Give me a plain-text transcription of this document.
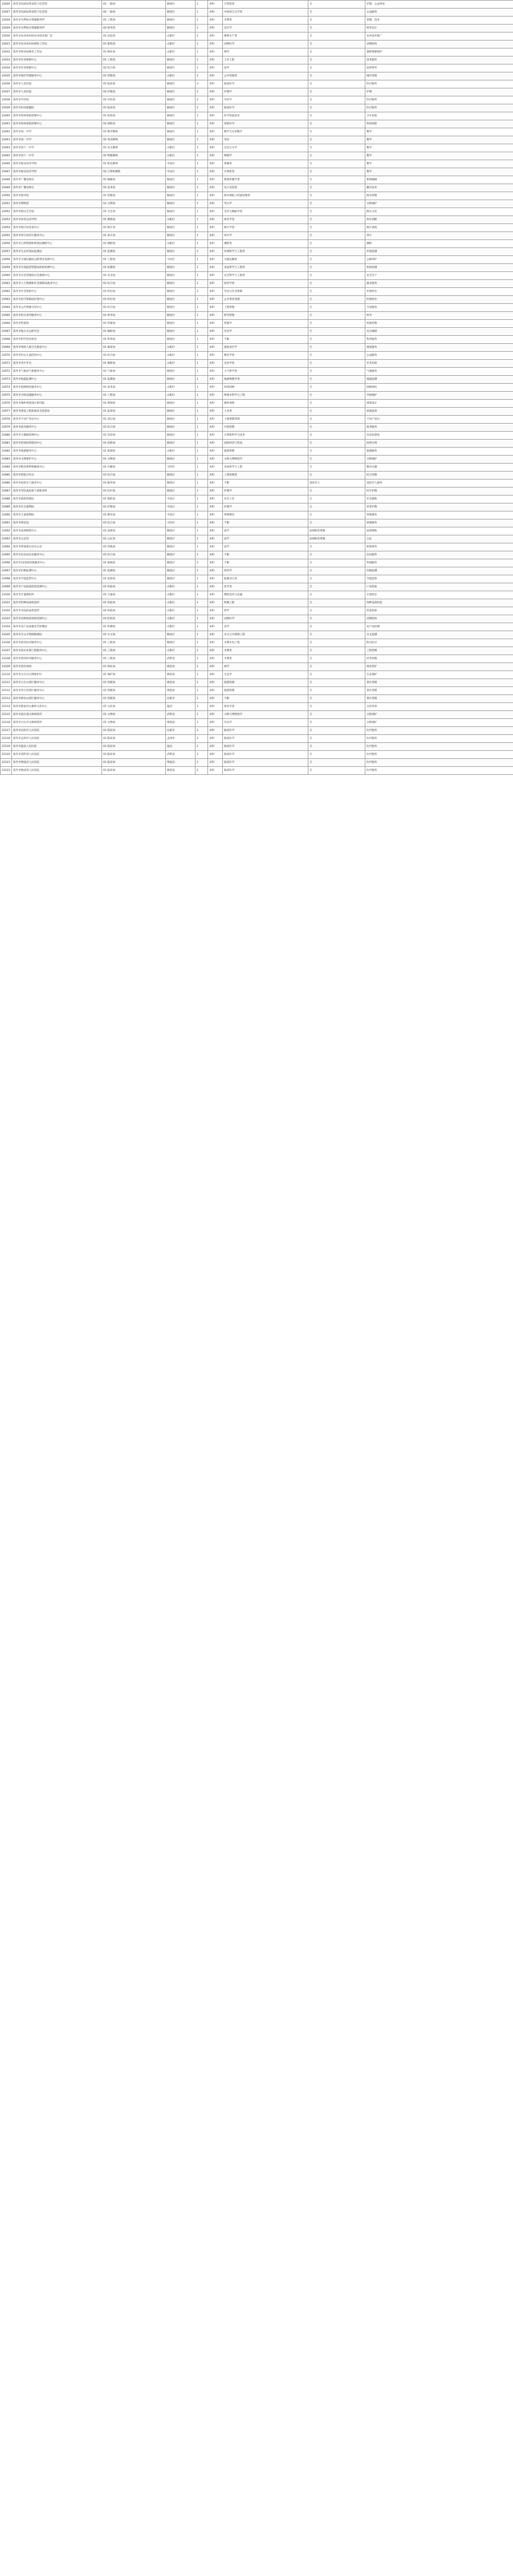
23026	焦作市民政局革命烈士纪念馆	01 一般岗	解放区	1	本科	计算机类	无	护理、公益事业
23027	焦作市民政局革命烈士纪念馆	02 一般岗	解放区	1	本科	中国语言文学类	无	公益服务
23028	焦作市水利局水资源服务所	01 工程岗	解放区	1	本科	水利类	无	管理、技术
23029	焦作市水利局水资源服务所	02 财务岗	解放区	1	本科	会计学	无	财务会计
23030	焦作市农业农村局农业技术推广站	01 农技岗	山阳区	2	本科	植物生产类	无	农业技术推广
23031	焦作市农业农村局畜牧工作站	01 畜牧岗	山阳区	1	本科	动物医学	无	动物防疫
23032	焦作市林业局林业工作站	01 林业岗	山阳区	1	本科	林学	无	森林资源保护
23033	焦作市住房保障中心	01 工程岗	解放区	1	本科	土木工程	无	技术服务
23034	焦作市住房保障中心	02 综合岗	解放区	1	本科	法学	无	法律事务
23035	焦作市城市管理服务中心	01 管理岗	山阳区	2	本科	公共管理类	无	城市管理
23036	焦作市人民医院	01 临床岗	解放区	3	本科	临床医学	无	医疗服务
23037	焦作市人民医院	02 护理岗	解放区	2	本科	护理学	无	护理
23038	焦作市中医院	01 中医岗	解放区	2	本科	中医学	无	医疗服务
23039	焦作市妇幼保健院	01 临床岗	解放区	2	本科	临床医学	无	医疗服务
23040	焦作市疾病预防控制中心	01 检验岗	解放区	1	本科	医学检验技术	无	卫生检验
23041	焦作市疾病预防控制中心	02 预防岗	解放区	1	本科	预防医学	无	疾病预防
23042	焦作市第一中学	01 数学教师	解放区	1	本科	数学与应用数学	无	教学
23043	焦作市第一中学	02 英语教师	解放区	1	本科	英语	无	教学
23044	焦作市第十一中学	01 语文教师	山阳区	1	本科	汉语言文学	无	教学
23045	焦作市第十一中学	02 物理教师	山阳区	1	本科	物理学	无	教学
23046	焦作市职业技术学校	01 机电教师	中站区	1	本科	机械类	无	教学
23047	焦作市职业技术学校	02 计算机教师	中站区	1	本科	计算机类	无	教学
23048	焦作市广播电视台	01 编辑岗	解放区	1	本科	新闻传播学类	无	新闻编辑
23049	焦作市广播电视台	02 技术岗	解放区	1	本科	电子信息类	无	播出技术
23050	焦作市图书馆	01 管理岗	解放区	1	本科	图书情报与档案管理类	无	图书管理
23051	焦作市博物馆	01 文博岗	解放区	1	本科	考古学	无	文物保护
23052	焦作市群众艺术馆	01 文艺岗	解放区	1	本科	音乐与舞蹈学类	无	群众文化
23053	焦作市体育运动学校	01 教练岗	山阳区	1	本科	体育学类	无	体育训练
23054	焦作市统计局普查中心	01 统计岗	解放区	1	本科	统计学类	无	统计调查
23055	焦作市审计局审计服务中心	01 审计岗	解放区	1	本科	审计学	无	审计
23056	焦作市自然资源和规划局测绘中心	01 测绘岗	山阳区	1	本科	测绘类	无	测绘
23057	焦作市生态环境局监测站	01 监测岗	解放区	2	本科	环境科学与工程类	无	环境监测
23058	焦作市交通运输局公路事业发展中心	01 工程岗	马村区	1	本科	交通运输类	无	公路养护
23059	焦作市市场监督管理局检验检测中心	01 检测岗	解放区	1	本科	食品科学与工程类	无	检验检测
23060	焦作市应急管理局应急救援中心	01 安全岗	解放区	1	本科	安全科学与工程类	无	安全生产
23061	焦作市人力资源和社会保障局就业中心	01 综合岗	解放区	1	本科	经济学类	无	就业服务
23062	焦作市社会保险中心	01 经办岗	解放区	2	本科	劳动与社会保障	无	社保经办
23063	焦作市医疗保障局医保中心	01 经办岗	解放区	1	本科	公共事业管理	无	医保经办
23064	焦作市公共资源交易中心	01 综合岗	解放区	1	本科	工程管理	无	交易服务
23065	焦作市机关事务服务中心	01 财务岗	解放区	1	本科	财务管理	无	财务
23066	焦作市档案馆	01 档案岗	解放区	1	本科	档案学	无	档案管理
23067	焦作市地方史志研究室	01 编研岗	解放区	1	本科	历史学	无	史志编研
23068	焦作市科学技术协会	01 科普岗	解放区	1	本科	不限	无	科普服务
23069	焦作市残疾人联合会康复中心	01 康复岗	山阳区	1	本科	康复治疗学	无	康复服务
23070	焦作市妇女儿童活动中心	01 综合岗	山阳区	1	本科	教育学类	无	公益服务
23071	焦作市青少年宫	01 教师岗	山阳区	1	本科	美术学类	无	艺术培训
23072	焦作市气象局气象服务中心	01 气象岗	解放区	1	本科	大气科学类	无	气象服务
23073	焦作市地震监测中心	01 监测岗	解放区	1	本科	地球物理学类	无	地震监测
23074	焦作市园林绿化服务中心	01 技术岗	山阳区	1	本科	风景园林	无	园林绿化
23075	焦作市市政设施服务中心	01 工程岗	山阳区	1	本科	给排水科学与工程	无	市政维护
23076	焦作市城乡规划设计研究院	01 规划岗	解放区	1	本科	城乡规划	无	规划设计
23077	焦作市建设工程质量安全监督站	01 监督岗	解放区	1	本科	土木类	无	质量监督
23078	焦作市不动产登记中心	01 登记岗	解放区	1	本科	土地资源管理	无	不动产登记
23079	焦作市政务服务中心	01 综合岗	解放区	1	本科	行政管理	无	政务服务
23080	焦作市大数据管理中心	01 信息岗	解放区	1	本科	计算机科学与技术	无	信息化建设
23081	焦作市招商投资促进中心	01 招商岗	解放区	1	本科	国际经济与贸易	无	招商引资
23082	焦作市旅游服务中心	01 旅游岗	山阳区	1	本科	旅游管理	无	旅游服务
23083	焦作市文物保护中心	01 文物岗	解放区	1	本科	文物与博物馆学	无	文物保护
23084	焦作市粮食和物资储备中心	01 仓储岗	马村区	1	本科	食品科学与工程	无	粮食仓储
23085	焦作市供销合作社	01 综合岗	解放区	1	本科	工商管理类	无	综合管理
23086	焦作市退役军人服务中心	01 服务岗	解放区	1	本科	不限	退役军人	退役军人服务
23087	焦作市军队离退休干部休养所	01 医护岗	解放区	1	本科	护理学	无	医疗护理
23088	焦作市救助管理站	01 救助岗	中站区	1	本科	社会工作	无	社会救助
23089	焦作市社会福利院	01 护理岗	中站区	1	本科	护理学	无	养老护理
23090	焦作市儿童福利院	01 教育岗	中站区	1	本科	特殊教育	无	特殊教育
23091	焦作市殡仪馆	01 综合岗	马村区	1	本科	不限	无	殡葬服务
23092	焦作市法律援助中心	01 法律岗	解放区	1	本科	法学	法律职业资格	法律援助
23093	焦作市公证处	01 公证岗	解放区	1	本科	法学	法律职业资格	公证
23094	焦作市仲裁委员会办公室	01 仲裁岗	解放区	1	本科	法学	无	仲裁事务
23095	焦作市信访局信访服务中心	01 综合岗	解放区	1	本科	不限	无	信访服务
23096	焦作市12345热线服务中心	01 接线岗	解放区	2	本科	不限	无	热线服务
23097	焦作市价格监测中心	01 监测岗	解放区	1	本科	经济学	无	价格监测
23098	焦作市节能监察中心	01 监察岗	解放区	1	本科	能源动力类	无	节能监察
23099	焦作市产品质量检验检测中心	01 检验岗	山阳区	1	本科	化学类	无	产品检验
23100	焦作市计量测试所	01 计量岗	山阳区	1	本科	测控技术与仪器	无	计量检定
23101	焦作市特种设备检验所	01 检验岗	山阳区	1	本科	机械工程	无	特种设备检验
23102	焦作市食品药品检验所	01 检验岗	山阳区	1	本科	药学	无	药品检验
23103	焦作市动物疫病预防控制中心	01 防疫岗	山阳区	1	本科	动物医学	无	动物防疫
23104	焦作市农产品质量安全检测站	01 检测岗	山阳区	1	本科	农学	无	农产品检测
23105	焦作市水文水资源勘测局	01 水文岗	解放区	1	本科	水文与水资源工程	无	水文监测
23106	焦作市防汛抗旱服务中心	01 工程岗	解放区	1	本科	水利水电工程	无	防汛抗旱
23107	焦作市南水北调工程服务中心	01 工程岗	山阳区	1	本科	水利类	无	工程管理
23108	焦作市黄河河务服务中心	01 工程岗	武陟县	1	本科	水利类	无	河务管理
23109	焦作市国有林场	01 林业岗	修武县	1	本科	林学	无	林业管护
23110	焦作市太行山自然保护区	01 保护岗	修武县	1	本科	生态学	无	生态保护
23111	焦作市云台山景区服务中心	01 管理岗	修武县	1	本科	旅游管理	无	景区管理
23112	焦作市青天河景区服务中心	01 管理岗	博爱县	1	本科	旅游管理	无	景区管理
23113	焦作市神农山景区服务中心	01 管理岗	沁阳市	1	本科	不限	无	景区管理
23114	焦作市陈家沟太极拳文化中心	01 文化岗	温县	1	本科	体育学类	无	文化传承
23115	焦作市嘉应观文物保管所	01 文博岗	武陟县	1	本科	文物与博物馆学	无	文物保护
23116	焦作市月山寺文物保管所	01 文博岗	博爱县	1	本科	历史学	无	文物保护
23117	焦作市沁阳市人民医院	01 临床岗	沁阳市	2	本科	临床医学	无	医疗服务
23118	焦作市孟州市人民医院	01 临床岗	孟州市	2	本科	临床医学	无	医疗服务
23119	焦作市温县人民医院	01 临床岗	温县	2	本科	临床医学	无	医疗服务
23120	焦作市武陟县人民医院	01 临床岗	武陟县	2	本科	临床医学	无	医疗服务
23121	焦作市博爱县人民医院	01 临床岗	博爱县	2	本科	临床医学	无	医疗服务
23122	焦作市修武县人民医院	01 临床岗	修武县	2	本科	临床医学	无	医疗服务
